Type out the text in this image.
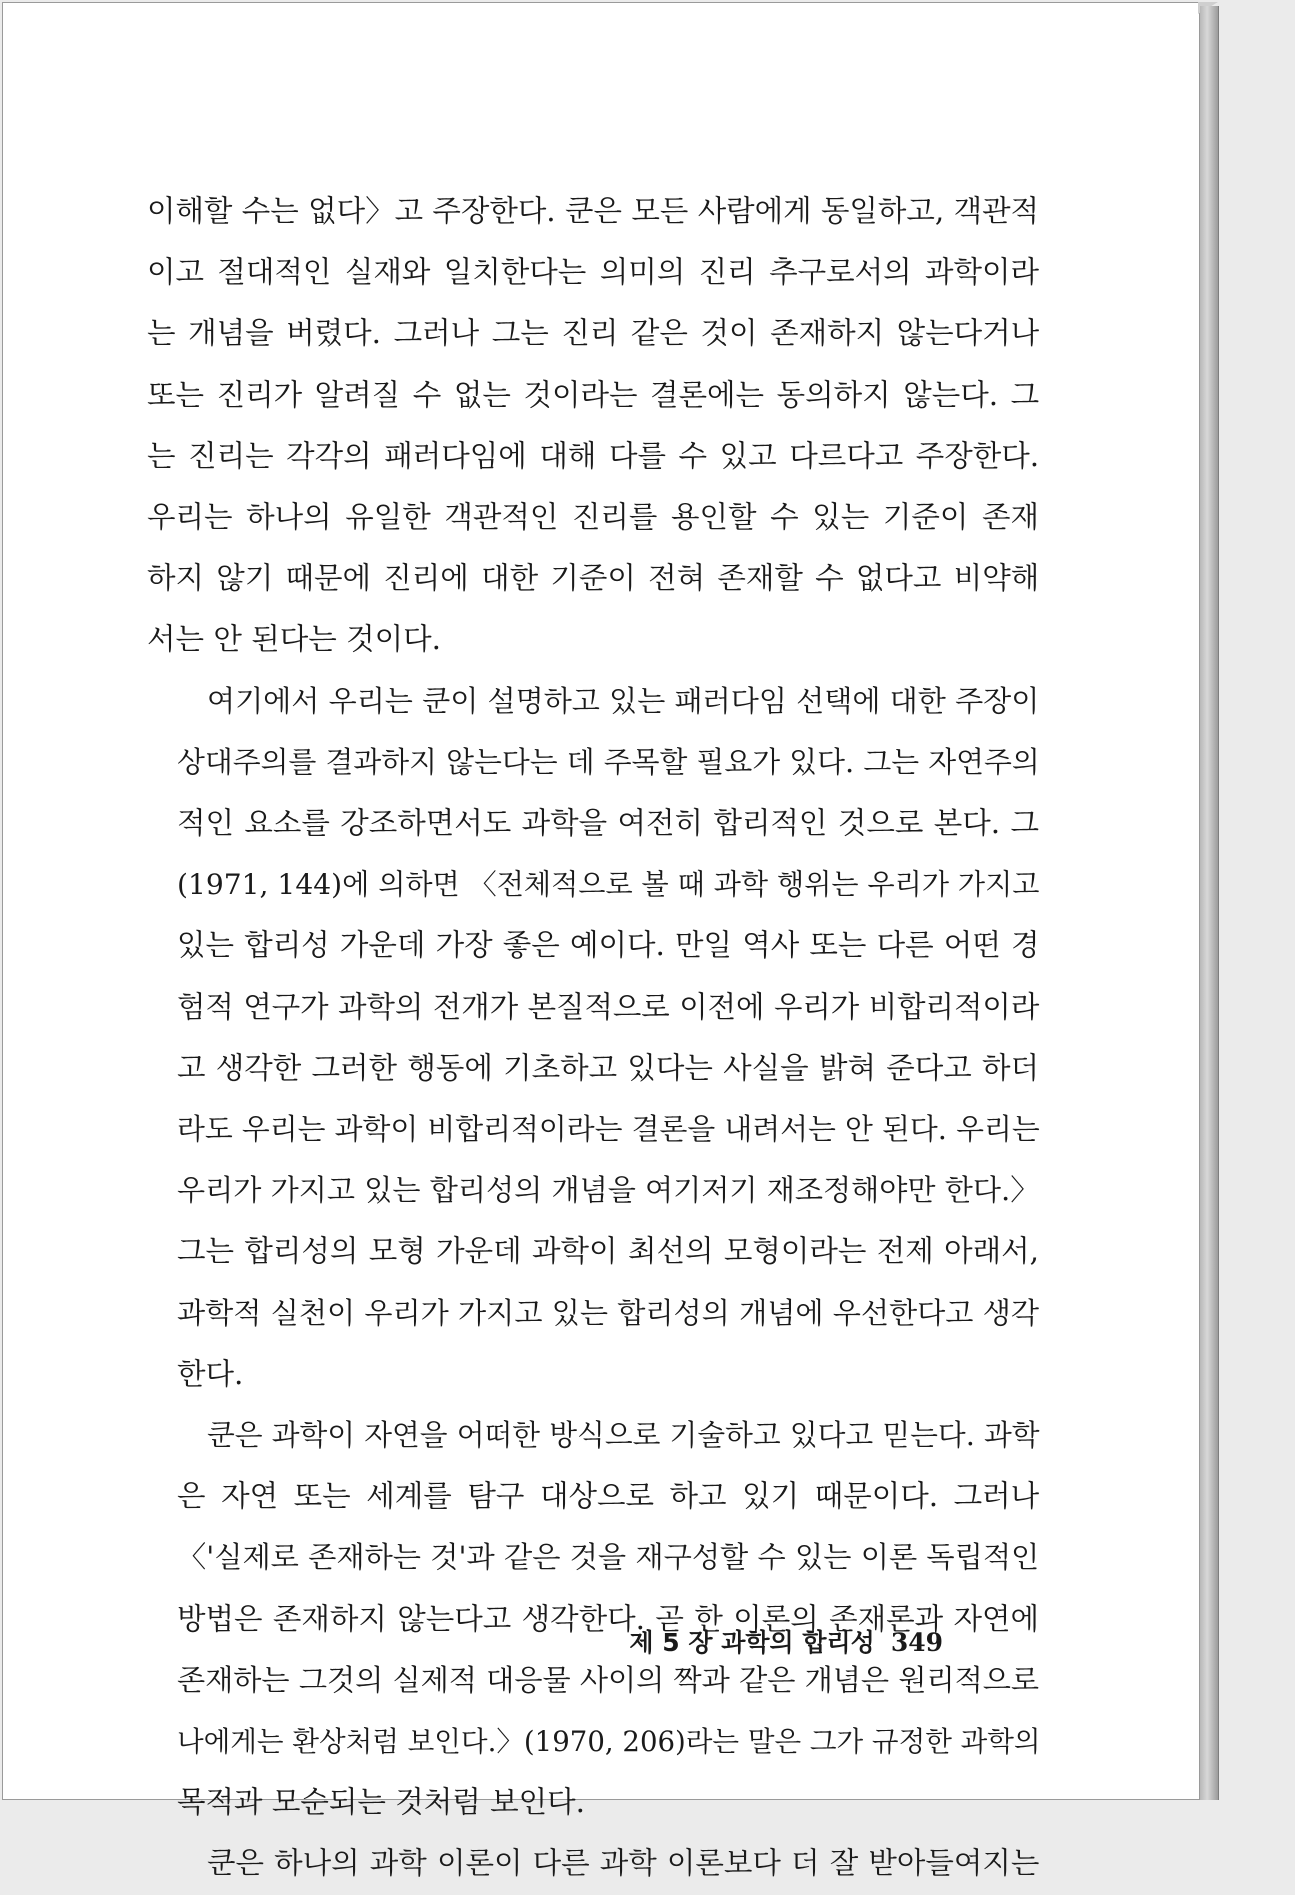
이해할 수는 없다〉고 주장한다. 쿤은 모든 사람에게 동일하고, 객관적
이고 절대적인 실재와 일치한다는 의미의 진리 추구로서의 과학이라
는 개념을 버렸다. 그러나 그는 진리 같은 것이 존재하지 않는다거나
또는 진리가 알려질 수 없는 것이라는 결론에는 동의하지 않는다. 그
는 진리는 각각의 패러다임에 대해 다를 수 있고 다르다고 주장한다.
우리는 하나의 유일한 객관적인 진리를 용인할 수 있는 기준이 존재
하지 않기 때문에 진리에 대한 기준이 전혀 존재할 수 없다고 비약해
서는 안 된다는 것이다.

여기에서 우리는 쿤이 설명하고 있는 패러다임 선택에 대한 주장이
상대주의를 결과하지 않는다는 데 주목할 필요가 있다. 그는 자연주의
적인 요소를 강조하면서도 과학을 여전히 합리적인 것으로 본다. 그
(1971, 144)에 의하면 〈전체적으로 볼 때 과학 행위는 우리가 가지고
있는 합리성 가운데 가장 좋은 예이다. 만일 역사 또는 다른 어떤 경
험적 연구가 과학의 전개가 본질적으로 이전에 우리가 비합리적이라
고 생각한 그러한 행동에 기초하고 있다는 사실을 밝혀 준다고 하더
라도 우리는 과학이 비합리적이라는 결론을 내려서는 안 된다. 우리는
우리가 가지고 있는 합리성의 개념을 여기저기 재조정해야만 한다.〉
그는 합리성의 모형 가운데 과학이 최선의 모형이라는 전제 아래서,
과학적 실천이 우리가 가지고 있는 합리성의 개념에 우선한다고 생각
한다.

쿤은 과학이 자연을 어떠한 방식으로 기술하고 있다고 믿는다. 과학
은 자연 또는 세계를 탐구 대상으로 하고 있기 때문이다. 그러나
〈'실제로 존재하는 것'과 같은 것을 재구성할 수 있는 이론 독립적인
방법은 존재하지 않는다고 생각한다. 곧 한 이론의 존재론과 자연에
존재하는 그것의 실제적 대응물 사이의 짝과 같은 개념은 원리적으로
나에게는 환상처럼 보인다.〉(1970, 206)라는 말은 그가 규정한 과학의
목적과 모순되는 것처럼 보인다.

쿤은 하나의 과학 이론이 다른 과학 이론보다 더 잘 받아들여지는

제 5 장 과학의 합리성 349
